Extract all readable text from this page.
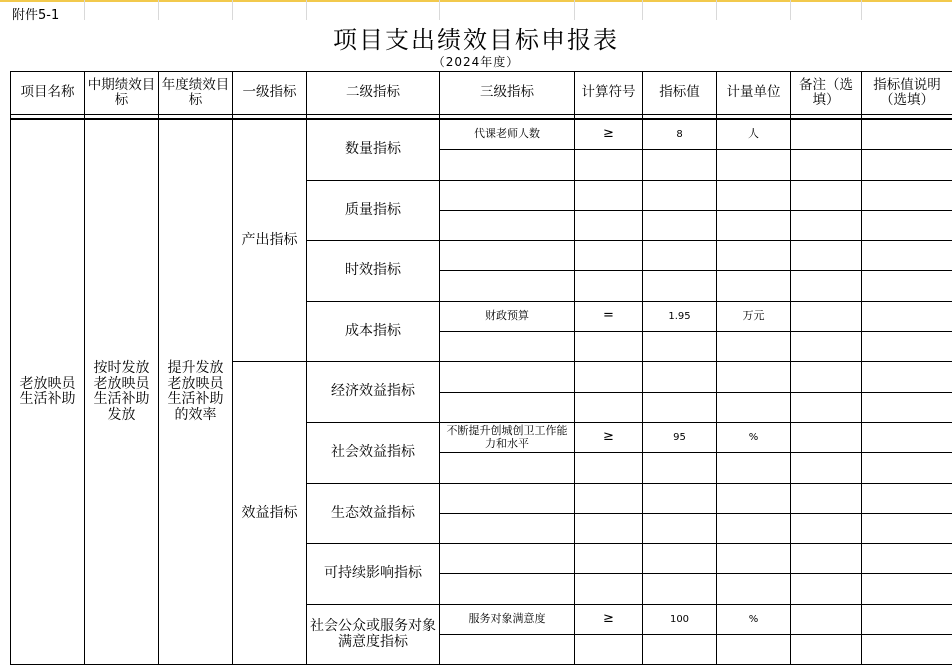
附件5-1
项目支出绩效目标申报表
（2024年度）
项目名称	中期绩效目标	年度绩效目标	一级指标	二级指标	三级指标	计算符号	指标值	计量单位	备注（选填）	指标值说明（选填）

老放映员生活补助	按时发放老放映员生活补助发放	提升发放老放映员生活补助的效率	产出指标	数量指标	代课老师人数	≥	8	人		

				质量指标						

				时效指标						

				成本指标	财政预算	=	1.95	万元		

			效益指标	经济效益指标						

				社会效益指标	不断提升创城创卫工作能力和水平	≥	95	%		

				生态效益指标						

				可持续影响指标						

				社会公众或服务对象满意度指标	服务对象满意度	≥	100	%		
